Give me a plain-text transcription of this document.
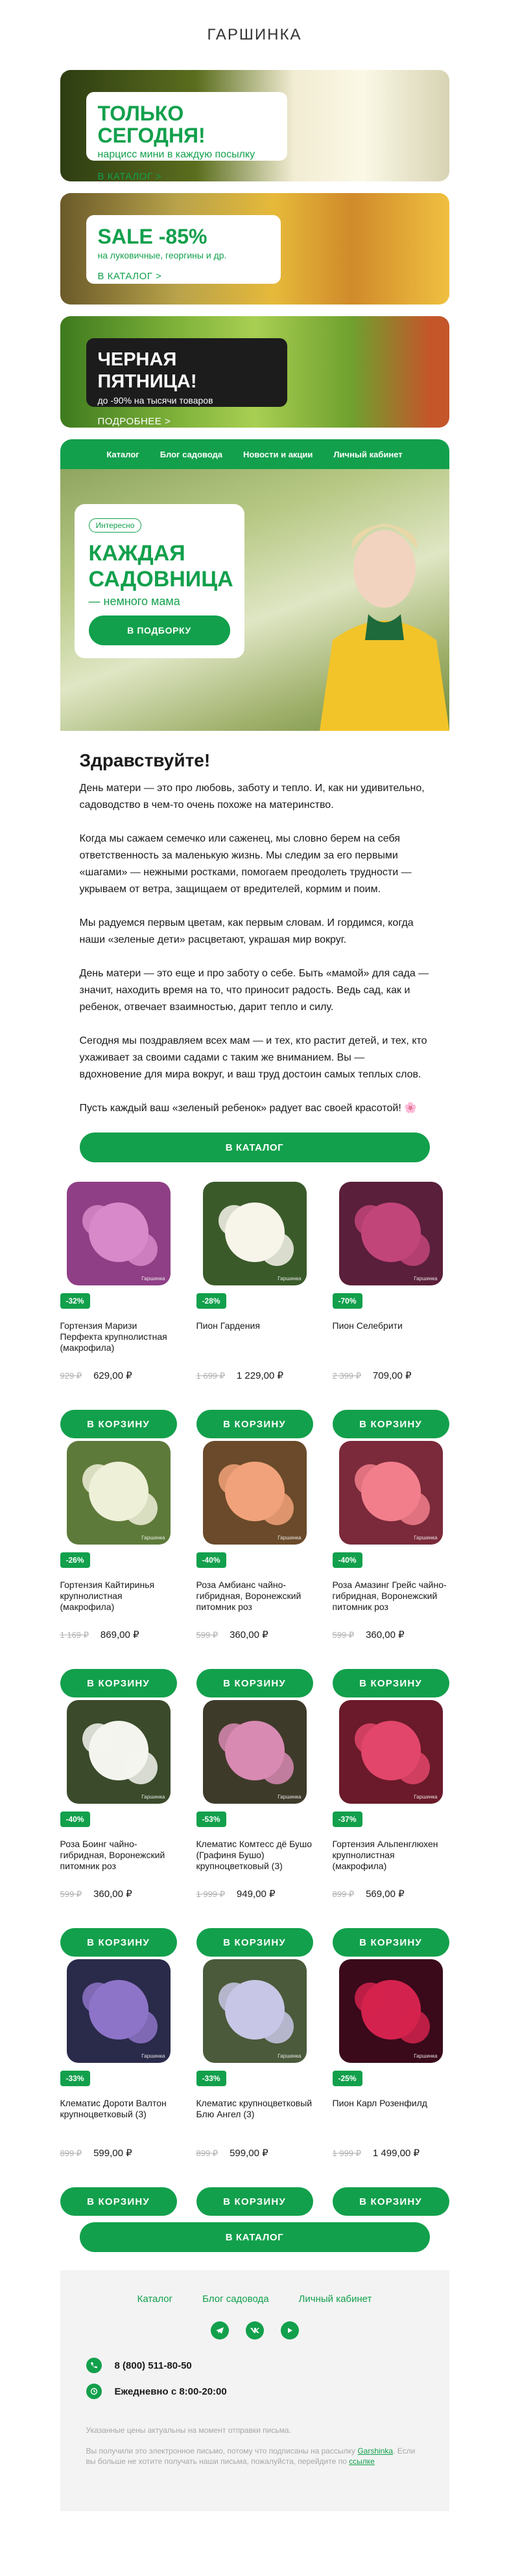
ГАРШИНКА
ТОЛЬКО СЕГОДНЯ!
нарцисс мини в каждую посылку
В КАТАЛОГ >
SALE -85%
на луковичные, георгины и др.
В КАТАЛОГ >
ЧЕРНАЯ ПЯТНИЦА!
до -90% на тысячи товаров
ПОДРОБНЕЕ >
Каталог Блог садовода Новости и акции Личный кабинет
Интересно
КАЖДАЯ
САДОВНИЦА
— немного мама
В ПОДБОРКУ
Здравствуйте!

День матери — это про любовь, заботу и тепло. И, как ни удивительно, садоводство в чем-то очень похоже на материнство.

Когда мы сажаем семечко или саженец, мы словно берем на себя ответственность за маленькую жизнь. Мы следим за его первыми «шагами» — нежными ростками, помогаем преодолеть трудности — укрываем от ветра, защищаем от вредителей, кормим и поим.

Мы радуемся первым цветам, как первым словам. И гордимся, когда наши «зеленые дети» расцветают, украшая мир вокруг.

День матери — это еще и про заботу о себе. Быть «мамой» для сада — значит, находить время на то, что приносит радость. Ведь сад, как и ребенок, отвечает взаимностью, дарит тепло и силу.

Сегодня мы поздравляем всех мам — и тех, кто растит детей, и тех, кто ухаживает за своими садами с таким же вниманием. Вы — вдохновение для мира вокруг, и ваш труд достоин самых теплых слов.

Пусть каждый ваш «зеленый ребенок» радует вас своей красотой! 🌸

В КАТАЛОГ
Гаршинка
-32%
Гортензия Маризи Перфекта крупнолистная (макрофила)
929 ₽ 629,00 ₽
В КОРЗИНУ
Гаршинка
-28%
Пион Гардения
1 699 ₽ 1 229,00 ₽
В КОРЗИНУ
Гаршинка
-70%
Пион Селебрити
2 399 ₽ 709,00 ₽
В КОРЗИНУ
Гаршинка
-26%
Гортензия Кайтиринья крупнолистная (макрофила)
1 169 ₽ 869,00 ₽
В КОРЗИНУ
Гаршинка
-40%
Роза Амбианс чайно-гибридная, Воронежский питомник роз
599 ₽ 360,00 ₽
В КОРЗИНУ
Гаршинка
-40%
Роза Амазинг Грейс чайно-гибридная, Воронежский питомник роз
599 ₽ 360,00 ₽
В КОРЗИНУ
Гаршинка
-40%
Роза Боинг чайно-гибридная, Воронежский питомник роз
599 ₽ 360,00 ₽
В КОРЗИНУ
Гаршинка
-53%
Клематис Комтесс дё Бушо (Графиня Бушо) крупноцветковый (3)
1 999 ₽ 949,00 ₽
В КОРЗИНУ
Гаршинка
-37%
Гортензия Альпенглюхен крупнолистная (макрофила)
899 ₽ 569,00 ₽
В КОРЗИНУ
Гаршинка
-33%
Клематис Дороти Валтон крупноцветковый (3)
899 ₽ 599,00 ₽
В КОРЗИНУ
Гаршинка
-33%
Клематис крупноцветковый Блю Ангел (3)
899 ₽ 599,00 ₽
В КОРЗИНУ
Гаршинка
-25%
Пион Карл Розенфилд
1 999 ₽ 1 499,00 ₽
В КОРЗИНУ
В КАТАЛОГ
Каталог	Блог садовода	Личный кабинет
8 (800) 511-80-50
Ежедневно с 8:00-20:00
Указанные цены актуальны на момент отправки письма.
Вы получили это электронное письмо, потому что подписаны на рассылку Garshinka. Если вы больше не хотите получать наши письма, пожалуйста, перейдите по ссылке
